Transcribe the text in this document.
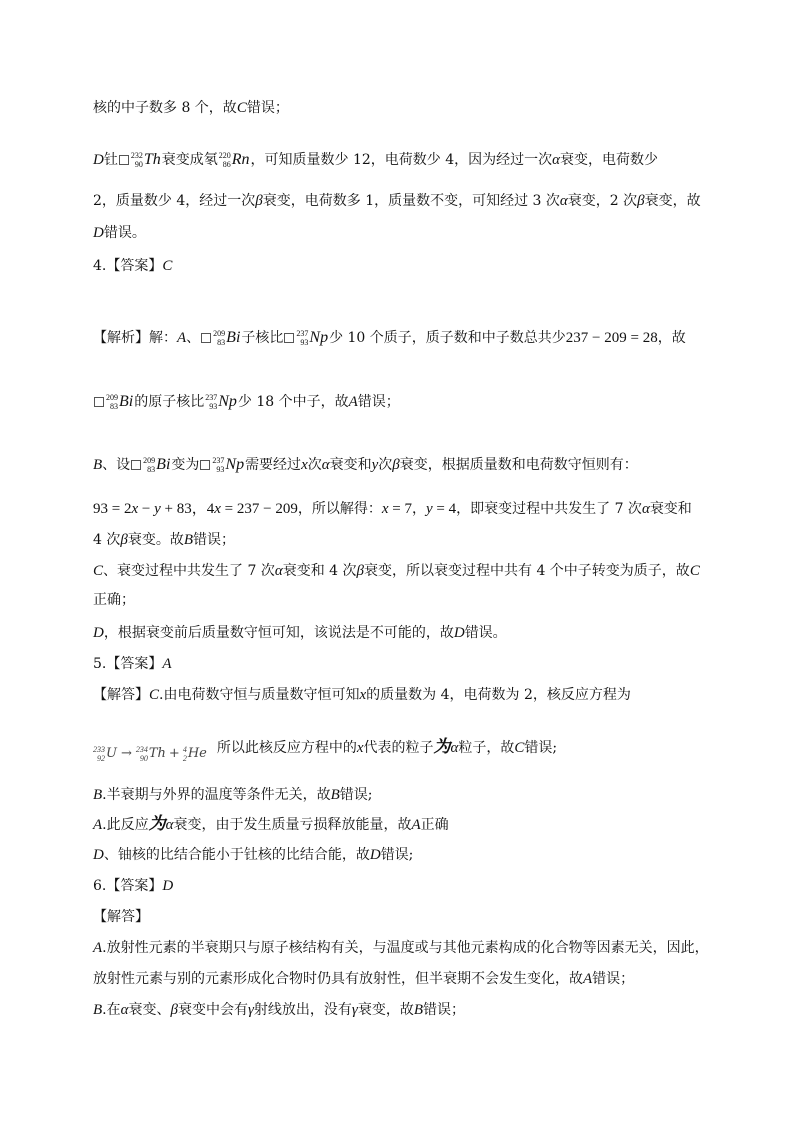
核的中子数多 8 个，故C错误；
D钍 232
90 Th 衰变成氡 220
86 Rn ，可知质量数少 12，电荷数少 4，因为经过一次α衰变，电荷数少
2，质量数少 4，经过一次β衰变，电荷数多 1，质量数不变，可知经过 3 次α衰变，2 次β衰变，故
D错误。
4.【答案】C
【解析】解：A、 209
83 Bi 子核比 237
93 Np 少 10 个质子，质子数和中子数总共少237 − 209 = 28，故
209
83 Bi 的原子核比 237
93 Np 少 18 个中子，故A错误；
B、设 209
83 Bi 变为 237
93 Np 需要经过x次α衰变和y次β衰变，根据质量数和电荷数守恒则有：
93 = 2x − y + 83，4x = 237 − 209，所以解得：x = 7，y = 4，即衰变过程中共发生了 7 次α衰变和
4 次β衰变。故B错误；
C、衰变过程中共发生了 7 次α衰变和 4 次β衰变，所以衰变过程中共有 4 个中子转变为质子，故C
正确；
D，根据衰变前后质量数守恒可知，该说法是不可能的，故D错误。
5.【答案】A
【解答】C.由电荷数守恒与质量数守恒可知x的质量数为 4，电荷数为 2，核反应方程为
233
92 U → 234
90 Th + 4
2 He 所以此核反应方程中的x代表的粒子为α粒子，故C错误;
B.半衰期与外界的温度等条件无关，故B错误;
A.此反应为α衰变，由于发生质量亏损释放能量，故A正确
D、铀核的比结合能小于钍核的比结合能，故D错误;
6.【答案】D
【解答】
A.放射性元素的半衰期只与原子核结构有关，与温度或与其他元素构成的化合物等因素无关，因此，
放射性元素与别的元素形成化合物时仍具有放射性，但半衰期不会发生变化，故A错误；
B.在α衰变、β衰变中会有γ射线放出，没有γ衰变，故B错误；
